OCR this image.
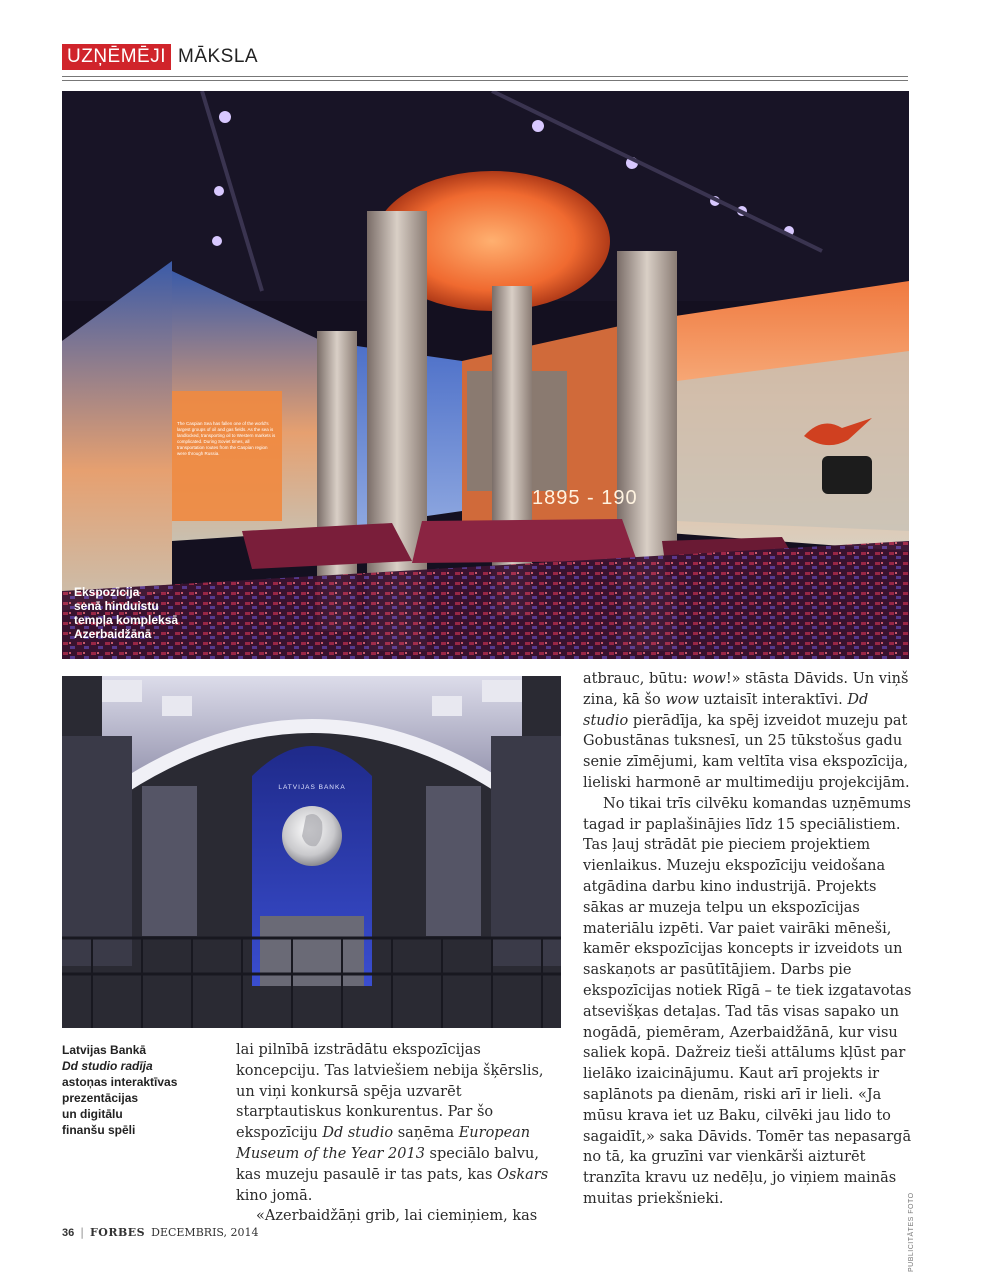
UZŅĒMĒJI MĀKSLA
The Caspian Sea has fallen one of the world's largest groups of oil and gas fields. As the sea is landlocked, transporting oil to Western markets is complicated. During Soviet times, all transportation routes from the Caspian region were through Russia.
1895 - 190
Ekspozīcija
senā hinduistu
tempļa kompleksā
Azerbaidžānā
LATVIJAS BANKA
Latvijas Bankā
Dd studio radīja
astoņas interaktīvas
prezentācijas
un digitālu
finanšu spēli

lai pilnībā izstrādātu ekspozīcijas koncepciju. Tas latviešiem nebija šķērslis, un viņi konkursā spēja uzvarēt starptautiskus konkurentus. Par šo ekspozīciju Dd studio saņēma European Museum of the Year 2013 speciālo balvu, kas muzeju pasaulē ir tas pats, kas Oskars kino jomā.

«Azerbaidžāņi grib, lai ciemiņiem, kas

atbrauc, būtu: wow!» stāsta Dāvids. Un viņš zina, kā šo wow uztaisīt interaktīvi. Dd studio pierādīja, ka spēj izveidot muzeju pat Gobustānas tuksnesī, un 25 tūkstošus gadu senie zīmējumi, kam veltīta visa ekspozīcija, lieliski harmonē ar multimediju projekcijām.

No tikai trīs cilvēku komandas uzņēmums tagad ir paplašinājies līdz 15 speciālistiem. Tas ļauj strādāt pie pieciem projektiem vienlaikus. Muzeju ekspozīciju veidošana atgādina darbu kino industrijā. Projekts sākas ar muzeja telpu un ekspozīcijas materiālu izpēti. Var paiet vairāki mēneši, kamēr ekspozīcijas koncepts ir izveidots un saskaņots ar pasūtītājiem. Darbs pie ekspozīcijas notiek Rīgā – te tiek izgatavotas atsevišķas detaļas. Tad tās visas sapako un nogādā, piemēram, Azerbaidžānā, kur visu saliek kopā. Dažreiz tieši attālums kļūst par lielāko izaicinājumu. Kaut arī projekts ir saplānots pa dienām, riski arī ir lieli. «Ja mūsu krava iet uz Baku, cilvēki jau lido to sagaidīt,» saka Dāvids. Tomēr tas nepasargā no tā, ka gruzīni var vienkārši aizturēt tranzīta kravu uz nedēļu, jo viņiem mainās muitas priekšnieki.	PUBLICITĀTES FOTO
36 | FORBES DECEMBRIS, 2014
